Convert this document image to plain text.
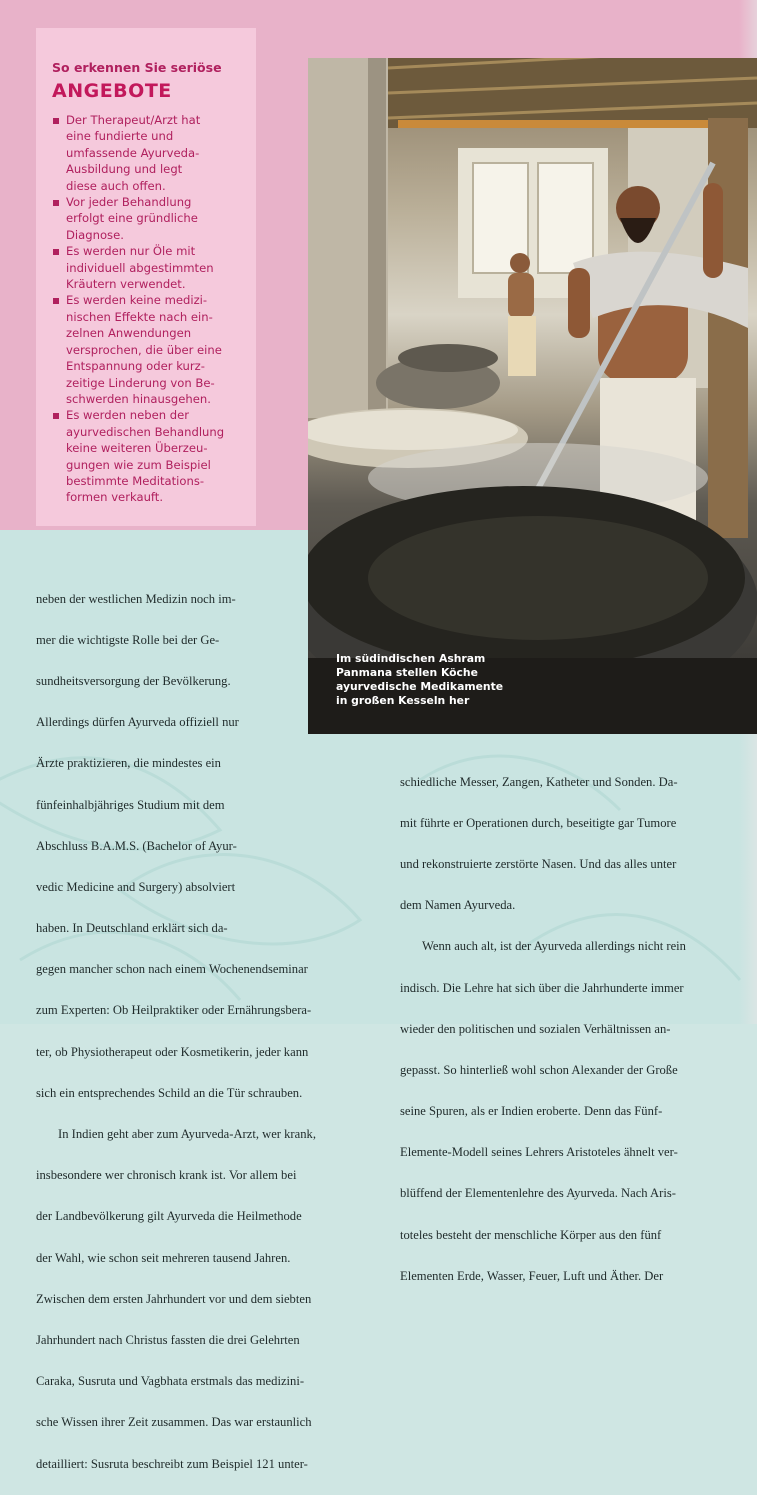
So erkennen Sie seriöse
ANGEBOTE
Der Therapeut/Arzt hat
eine fundierte und
umfassende Ayurveda-
Ausbildung und legt
diese auch offen.
Vor jeder Behandlung
erfolgt eine gründliche
Diagnose.
Es werden nur Öle mit
individuell abgestimmten
Kräutern verwendet.
Es werden keine medizi-
nischen Effekte nach ein-
zelnen Anwendungen
versprochen, die über eine
Entspannung oder kurz-
zeitige Linderung von Be-
schwerden hinausgehen.
Es werden neben der
ayurvedischen Behandlung
keine weiteren Überzeu-
gungen wie zum Beispiel
bestimmte Meditations-
formen verkauft.
Im südindischen Ashram
Panmana stellen Köche
ayurvedische Medikamente
in großen Kesseln her

neben der westlichen Medizin noch im-

mer die wichtigste Rolle bei der Ge-

sundheitsversorgung der Bevölkerung.

Allerdings dürfen Ayurveda offiziell nur

Ärzte praktizieren, die mindestes ein

fünfeinhalbjähriges Studium mit dem

Abschluss B.A.M.S. (Bachelor of Ayur-

vedic Medicine and Surgery) absolviert

haben. In Deutschland erklärt sich da-

gegen mancher schon nach einem Wochenendseminar

zum Experten: Ob Heilpraktiker oder Ernährungsbera-

ter, ob Physiotherapeut oder Kosmetikerin, jeder kann

sich ein entsprechendes Schild an die Tür schrauben.

In Indien geht aber zum Ayurveda-Arzt, wer krank,

insbesondere wer chronisch krank ist. Vor allem bei

der Landbevölkerung gilt Ayurveda die Heilmethode

der Wahl, wie schon seit mehreren tausend Jahren.

Zwischen dem ersten Jahrhundert vor und dem siebten

Jahrhundert nach Christus fassten die drei Gelehrten

Caraka, Susruta und Vagbhata erstmals das medizini-

sche Wissen ihrer Zeit zusammen. Das war erstaunlich

detailliert: Susruta beschreibt zum Beispiel 121 unter-

schiedliche Messer, Zangen, Katheter und Sonden. Da-

mit führte er Operationen durch, beseitigte gar Tumore

und rekonstruierte zerstörte Nasen. Und das alles unter

dem Namen Ayurveda.

Wenn auch alt, ist der Ayurveda allerdings nicht rein

indisch. Die Lehre hat sich über die Jahrhunderte immer

wieder den politischen und sozialen Verhältnissen an-

gepasst. So hinterließ wohl schon Alexander der Große

seine Spuren, als er Indien eroberte. Denn das Fünf-

Elemente-Modell seines Lehrers Aristoteles ähnelt ver-

blüffend der Elementenlehre des Ayurveda. Nach Aris-

toteles besteht der menschliche Körper aus den fünf

Elementen Erde, Wasser, Feuer, Luft und Äther. Der
